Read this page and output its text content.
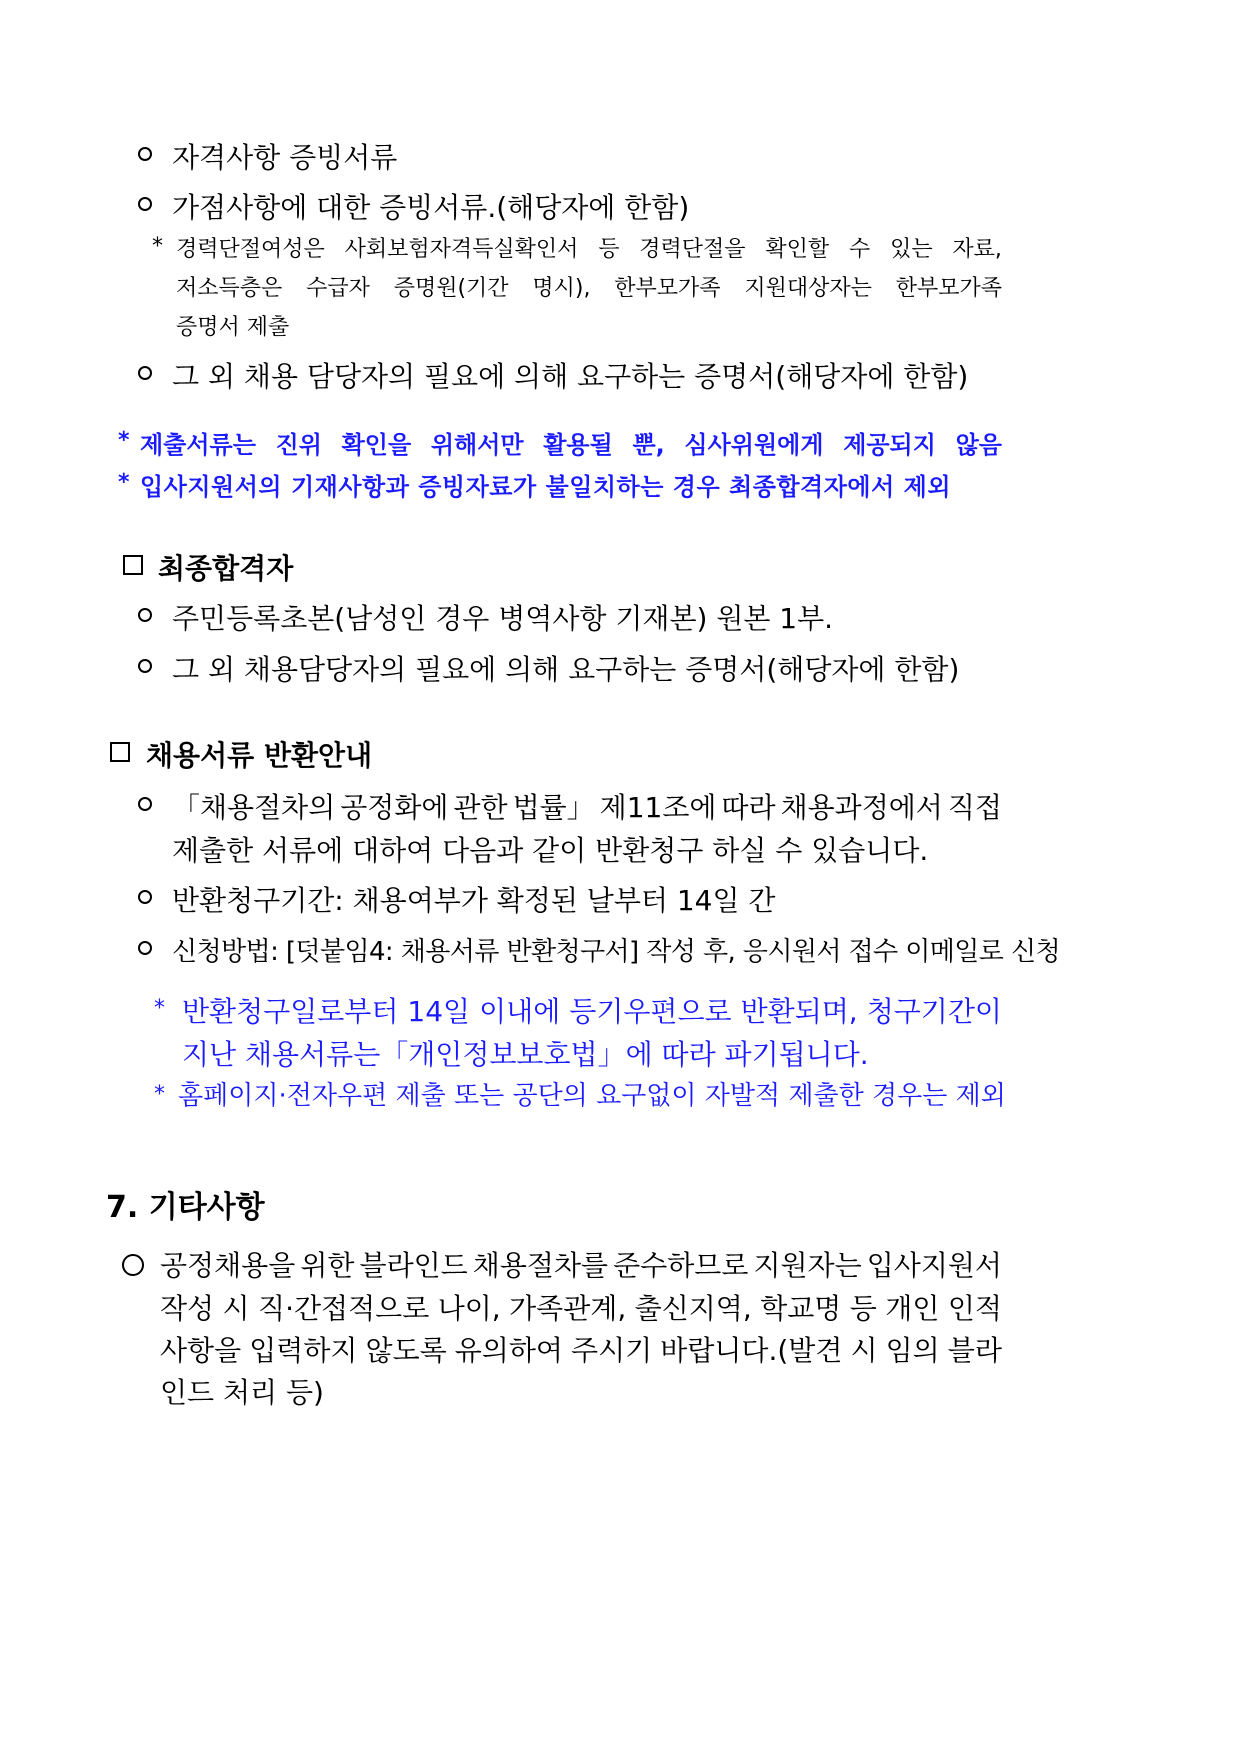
자격사항 증빙서류
가점사항에 대한 증빙서류.(해당자에 한함)
* 경력단절여성은 사회보험자격득실확인서 등 경력단절을 확인할 수 있는 자료,
저소득층은 수급자 증명원(기간 명시), 한부모가족 지원대상자는 한부모가족
증명서 제출
그 외 채용 담당자의 필요에 의해 요구하는 증명서(해당자에 한함)
* 제출서류는 진위 확인을 위해서만 활용될 뿐, 심사위원에게 제공되지 않음
* 입사지원서의 기재사항과 증빙자료가 불일치하는 경우 최종합격자에서 제외
최종합격자
주민등록초본(남성인 경우 병역사항 기재본) 원본 1부.
그 외 채용담당자의 필요에 의해 요구하는 증명서(해당자에 한함)
채용서류 반환안내
「채용절차의 공정화에 관한 법률」 제11조에 따라 채용과정에서 직접
제출한 서류에 대하여 다음과 같이 반환청구 하실 수 있습니다.
반환청구기간: 채용여부가 확정된 날부터 14일 간
신청방법: [덧붙임4: 채용서류 반환청구서] 작성 후, 응시원서 접수 이메일로 신청
* 반환청구일로부터 14일 이내에 등기우편으로 반환되며, 청구기간이
지난 채용서류는「개인정보보호법」에 따라 파기됩니다.
* 홈페이지·전자우편 제출 또는 공단의 요구없이 자발적 제출한 경우는 제외
7. 기타사항
공정채용을 위한 블라인드 채용절차를 준수하므로 지원자는 입사지원서
작성 시 직·간접적으로 나이, 가족관계, 출신지역, 학교명 등 개인 인적
사항을 입력하지 않도록 유의하여 주시기 바랍니다.(발견 시 임의 블라
인드 처리 등)
